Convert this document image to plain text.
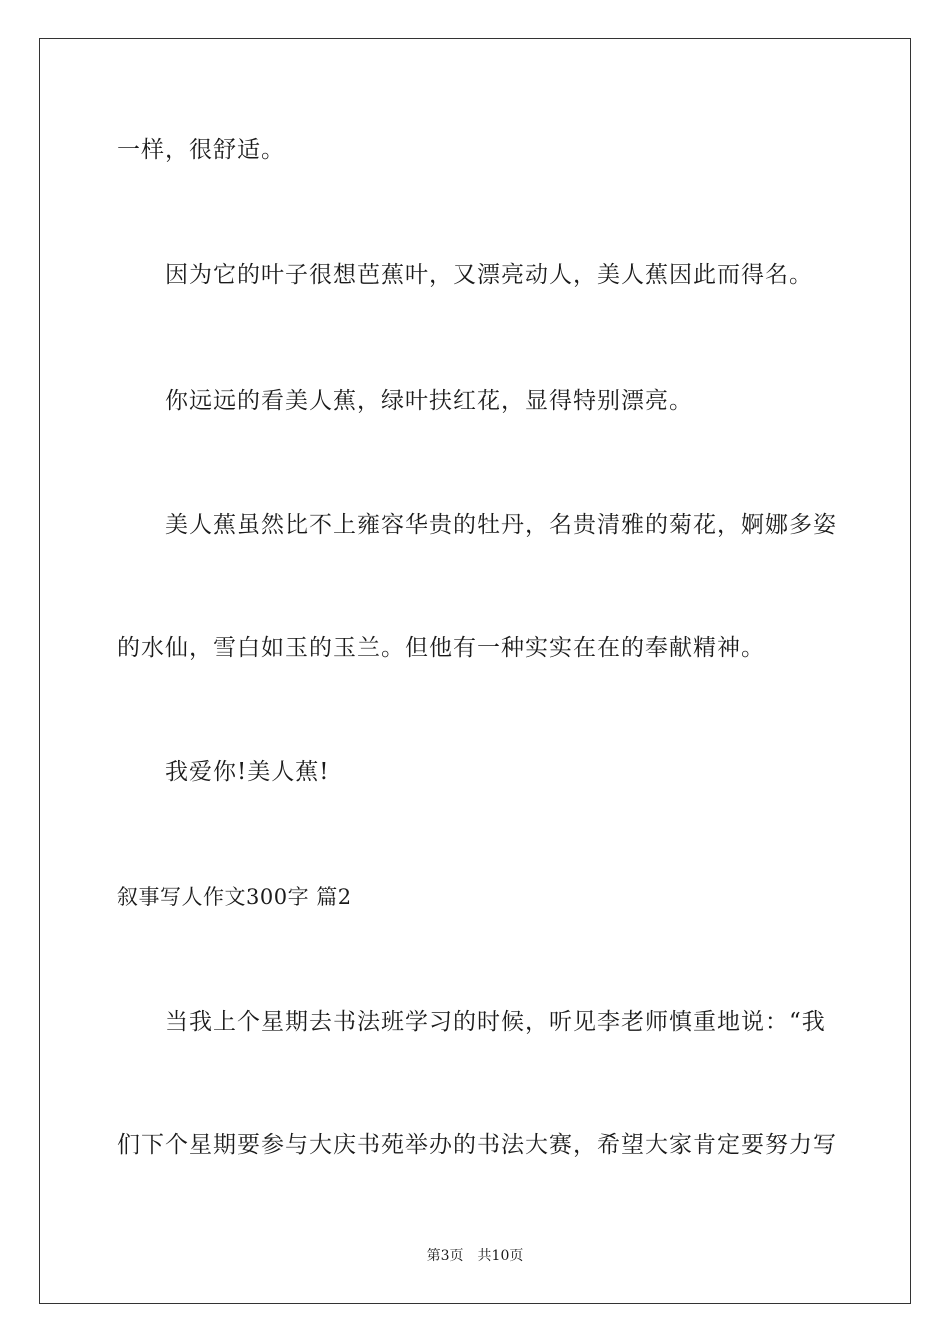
一样，很舒适。
因为它的叶子很想芭蕉叶，又漂亮动人，美人蕉因此而得名。
你远远的看美人蕉，绿叶扶红花，显得特别漂亮。
美人蕉虽然比不上雍容华贵的牡丹，名贵清雅的菊花，婀娜多姿
的水仙，雪白如玉的玉兰。但他有一种实实在在的奉献精神。
我爱你!美人蕉!
叙事写人作文300字 篇2
当我上个星期去书法班学习的时候，听见李老师慎重地说：“我
们下个星期要参与大庆书苑举办的书法大赛，希望大家肯定要努力写
第3页 共10页
